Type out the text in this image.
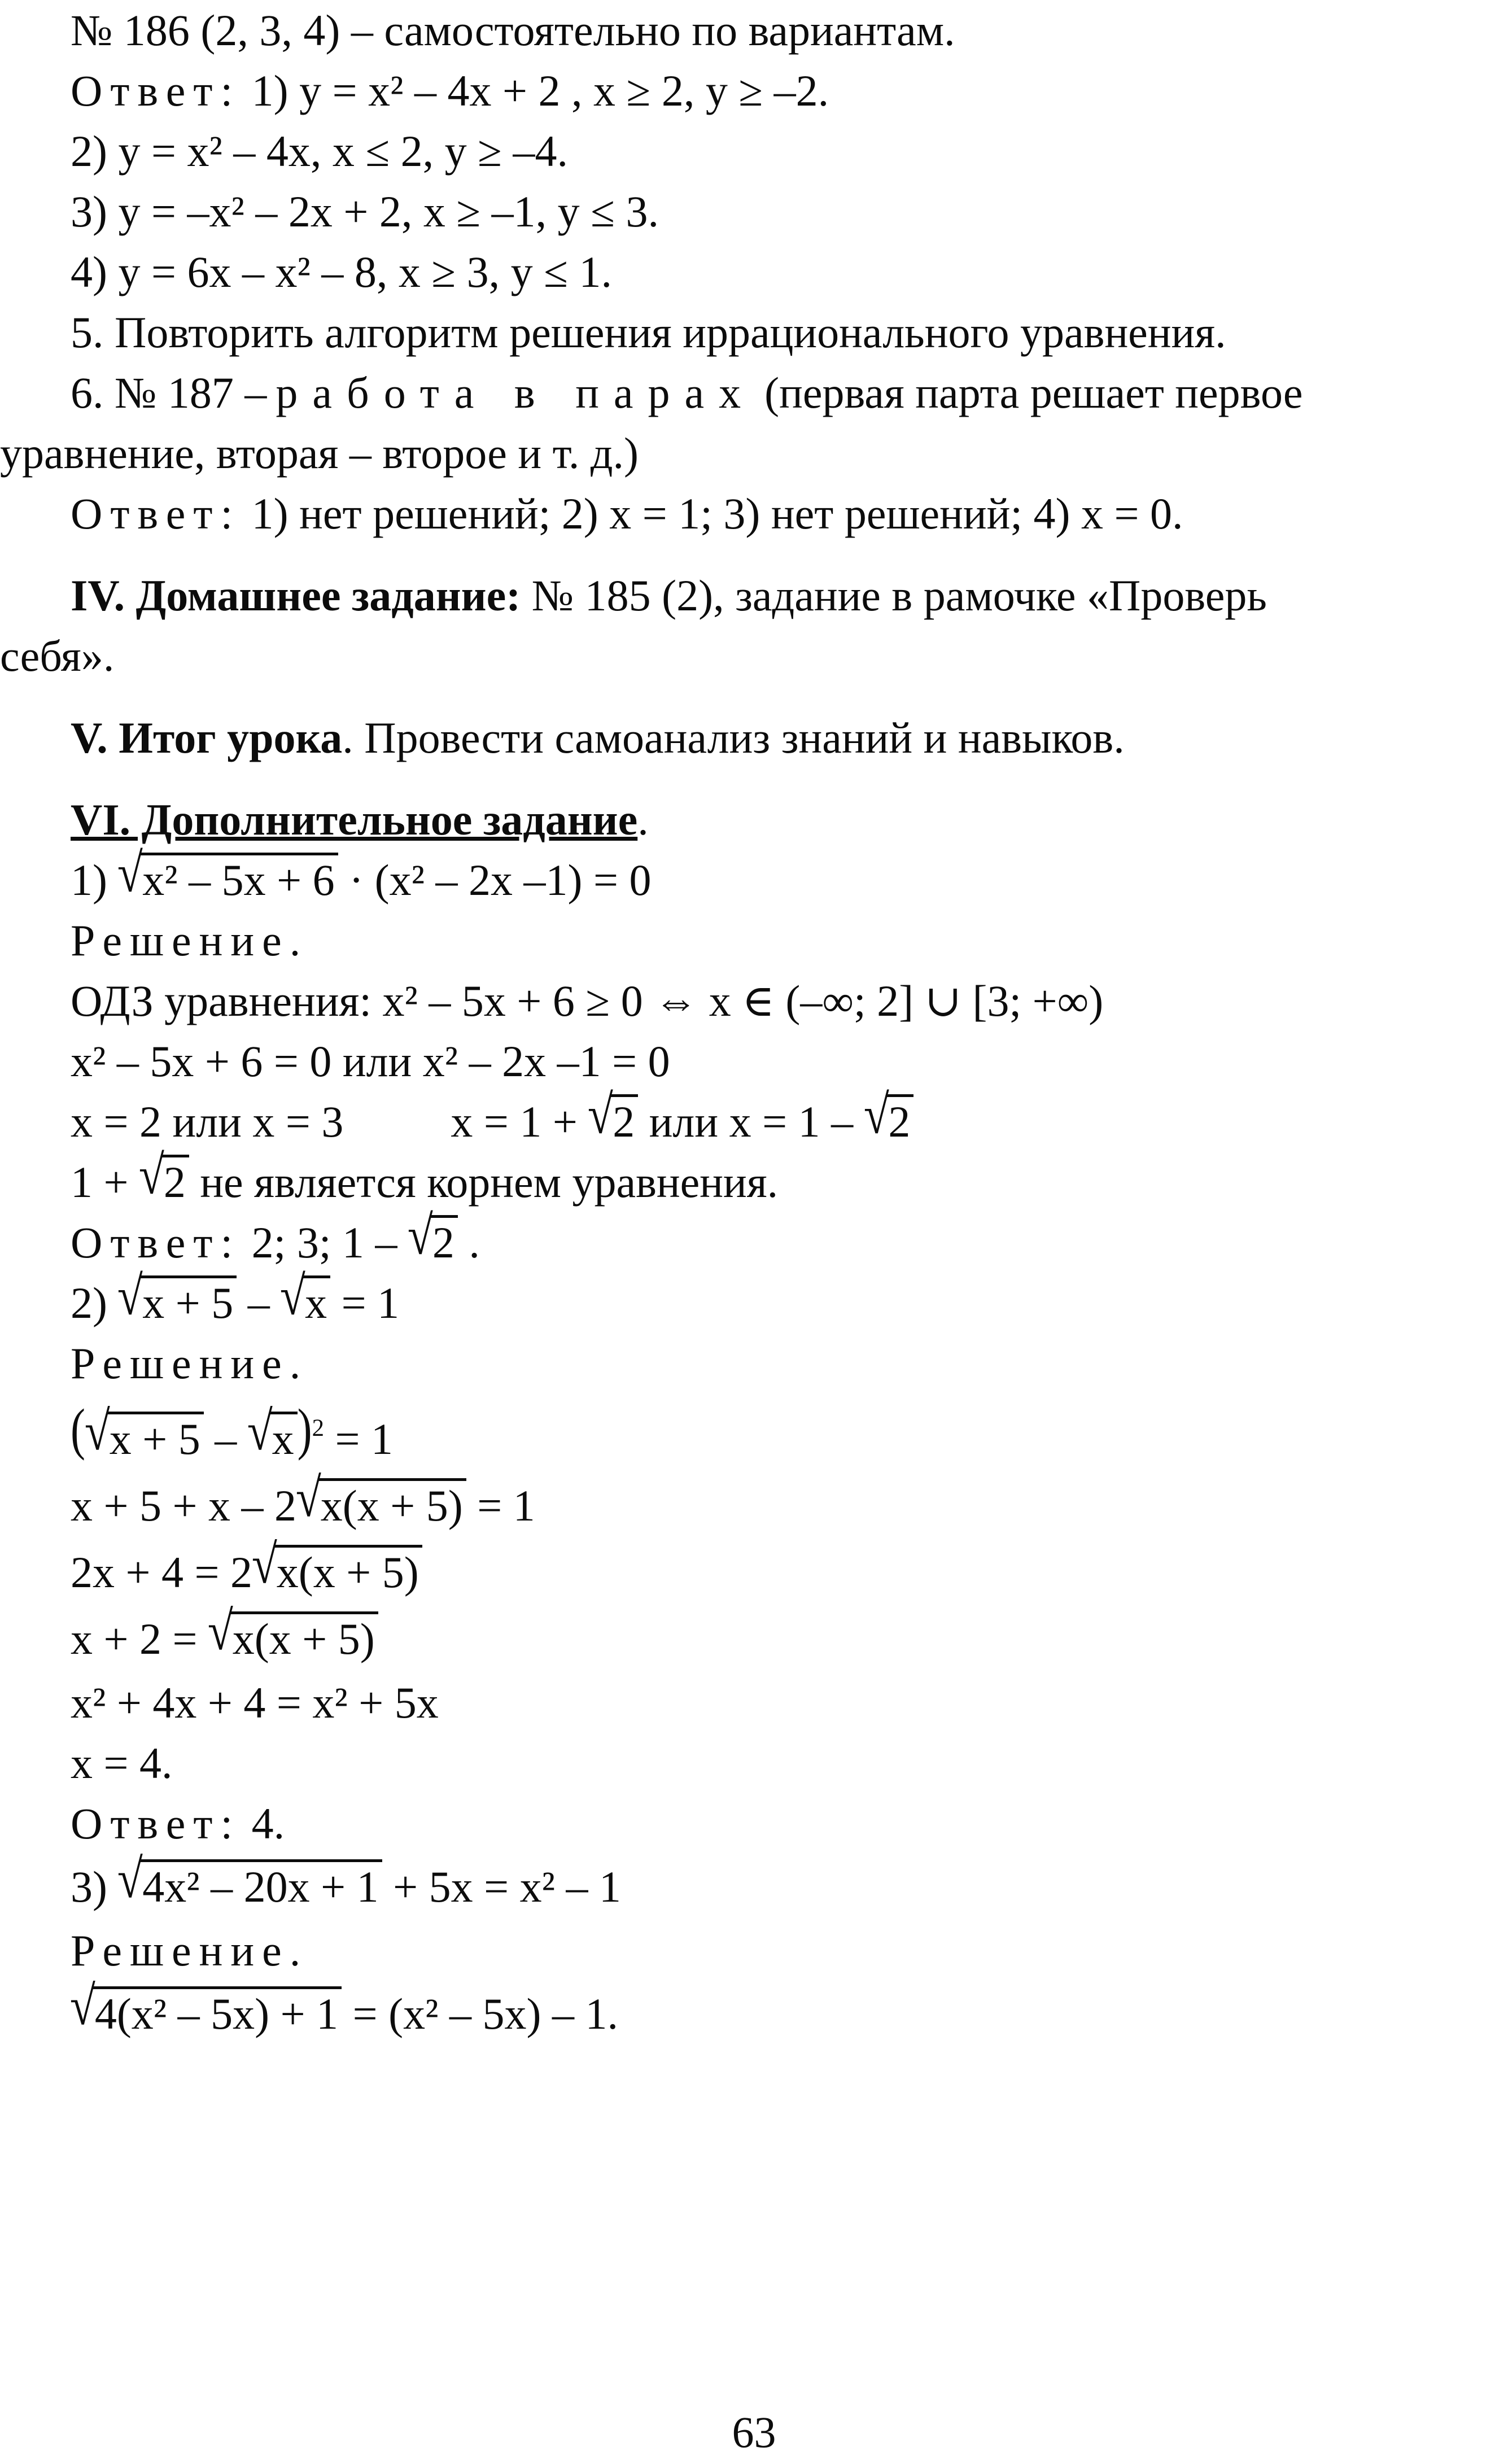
№ 186 (2, 3, 4) – самостоятельно по вариантам.
Ответ: 1) y = x² – 4x + 2 , x ≥ 2, y ≥ –2.
2) y = x² – 4x, x ≤ 2, y ≥ –4.
3) y = –x² – 2x + 2, x ≥ –1, y ≤ 3.
4) y = 6x – x² – 8, x ≥ 3, y ≤ 1.
5. Повторить алгоритм решения иррационального уравнения.
6. № 187 – работа в парах (первая парта решает первое
уравнение, вторая – второе и т. д.)
Ответ: 1) нет решений; 2) x = 1; 3) нет решений; 4) x = 0.
IV. Домашнее задание: № 185 (2), задание в рамочке «Проверь
себя».
V. Итог урока. Провести самоанализ знаний и навыков.
VI. Дополнительное задание.
1) √x² – 5x + 6 · (x² – 2x –1) = 0
Решение.
ОДЗ уравнения: x² – 5x + 6 ≥ 0 ⇔ x ∈ (–∞; 2] ∪ [3; +∞)
x² – 5x + 6 = 0 или x² – 2x –1 = 0
x = 2 или x = 3 x = 1 + √2 или x = 1 – √2
1 + √2 не является корнем уравнения.
Ответ: 2; 3; 1 – √2 .
2) √x + 5 – √x = 1
Решение.
$(√x + 5 - √x)^2 = 1$
x + 5 + x – 2√x(x + 5) = 1
2x + 4 = 2√x(x + 5)
x + 2 = √x(x + 5)
x² + 4x + 4 = x² + 5x
x = 4.
Ответ: 4.
3) √4x² – 20x + 1 + 5x = x² – 1
Решение.
√4(x² – 5x) + 1 = (x² – 5x) – 1.
63
